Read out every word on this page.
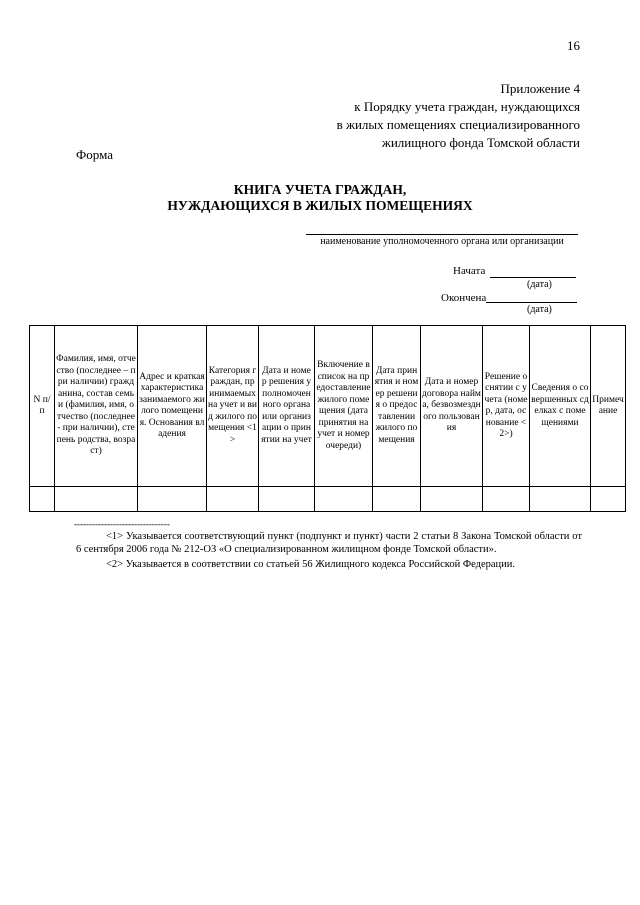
16
Приложение 4
к Порядку учета граждан, нуждающихся
в жилых помещениях специализированного
жилищного фонда Томской области
Форма
КНИГА УЧЕТА ГРАЖДАН,
НУЖДАЮЩИХСЯ В ЖИЛЫХ ПОМЕЩЕНИЯХ
наименование уполномоченного органа или организации
Начата
(дата)
Окончена
(дата)
N п/п	Фамилия, имя, отчество (последнее – при наличии) гражданина, состав семьи (фамилия, имя, отчество (последнее - при наличии), степень родства, возраст)	Адрес и краткая характеристика занимаемого жилого помещения. Основания владения	Категория граждан, принимаемых на учет и вид жилого помещения <1>	Дата и номер решения уполномоченного органа или организации о принятии на учет	Включение в список на предоставление жилого помещения (дата принятия на учет и номер очереди)	Дата принятия и номер решения о предоставлении жилого помещения	Дата и номер договора найма, безвозмездного пользования	Решение о снятии с учета (номер, дата, основание <2>)	Сведения о совершенных сделках с помещениями	Примечание

--------------------------------
<1> Указывается соответствующий пункт (подпункт и пункт) части 2 статьи 8 Закона Томской области от 6 сентября 2006 года № 212-ОЗ «О специализированном жилищном фонде Томской области».
<2> Указывается в соответствии со статьей 56 Жилищного кодекса Российской Федерации.
